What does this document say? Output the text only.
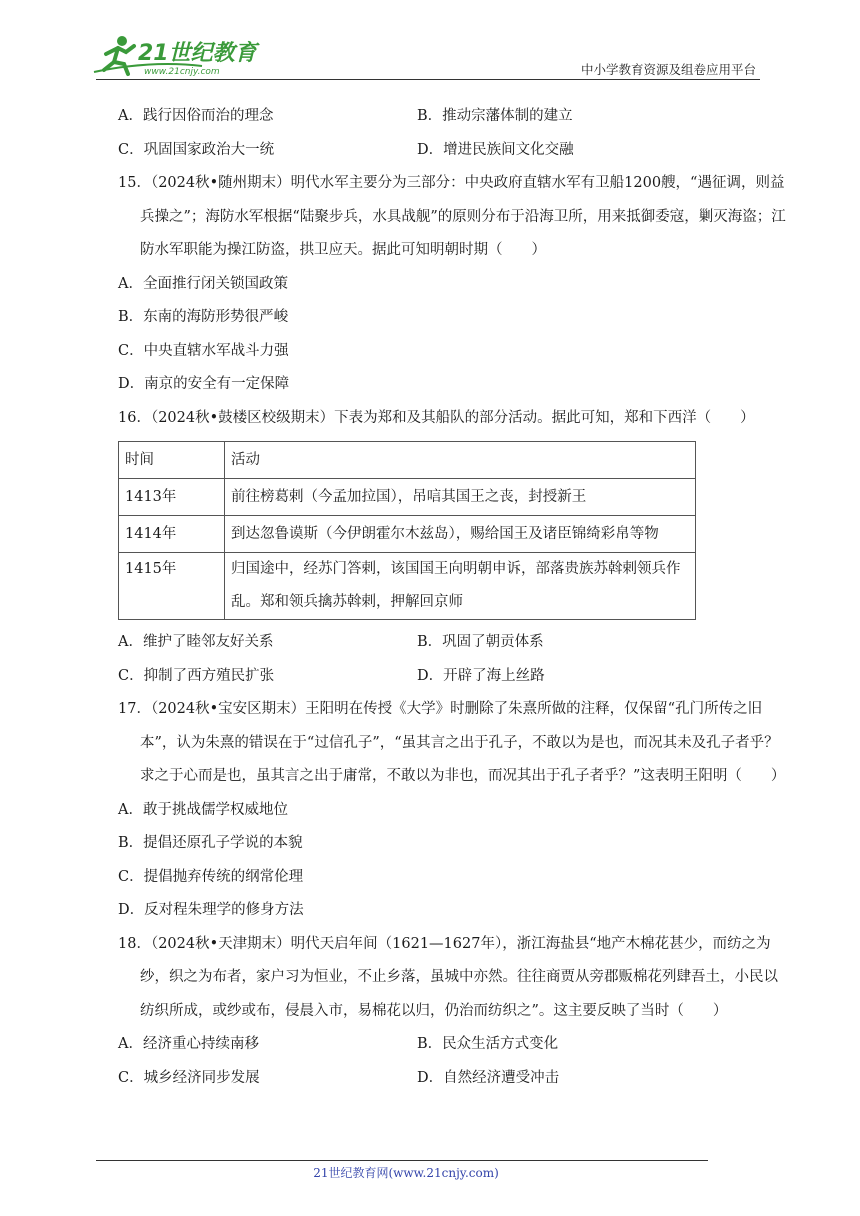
21世纪教育
www.21cnjy.com	中小学教育资源及组卷应用平台
A．践行因俗而治的理念	B．推动宗藩体制的建立
C．巩固国家政治大一统	D．增进民族间文化交融
15．（2024秋•随州期末）明代水军主要分为三部分：中央政府直辖水军有卫船1200艘，“遇征调，则益兵操之”；海防水军根据“陆聚步兵，水具战舰”的原则分布于沿海卫所，用来抵御委寇，剿灭海盗；江防水军职能为操江防盗，拱卫应天。据此可知明朝时期（　　）
A．全面推行闭关锁国政策
B．东南的海防形势很严峻
C．中央直辖水军战斗力强
D．南京的安全有一定保障
16．（2024秋•鼓楼区校级期末）下表为郑和及其船队的部分活动。据此可知，郑和下西洋（　　）
时间	活动
1413年	前往榜葛剌（今孟加拉国），吊唁其国王之丧，封授新王
1414年	到达忽鲁谟斯（今伊朗霍尔木兹岛），赐给国王及诸臣锦绮彩帛等物
1415年	归国途中，经苏门答剌，该国国王向明朝申诉，部落贵族苏斡剌领兵作乱。郑和领兵擒苏斡剌，押解回京师
A．维护了睦邻友好关系	B．巩固了朝贡体系
C．抑制了西方殖民扩张	D．开辟了海上丝路
17．（2024秋•宝安区期末）王阳明在传授《大学》时删除了朱熹所做的注释，仅保留“孔门所传之旧本”，认为朱熹的错误在于“过信孔子”，“虽其言之出于孔子，不敢以为是也，而况其未及孔子者乎？求之于心而是也，虽其言之出于庸常，不敢以为非也，而况其出于孔子者乎？”这表明王阳明（　　）
A．敢于挑战儒学权威地位
B．提倡还原孔子学说的本貌
C．提倡抛弃传统的纲常伦理
D．反对程朱理学的修身方法
18．（2024秋•天津期末）明代天启年间（1621—1627年），浙江海盐县“地产木棉花甚少，而纺之为纱，织之为布者，家户习为恒业，不止乡落，虽城中亦然。往往商贾从旁郡贩棉花列肆吾土，小民以纺织所成，或纱或布，侵晨入市，易棉花以归，仍治而纺织之”。这主要反映了当时（　　）
A．经济重心持续南移	B．民众生活方式变化
C．城乡经济同步发展	D．自然经济遭受冲击
21世纪教育网(www.21cnjy.com)
